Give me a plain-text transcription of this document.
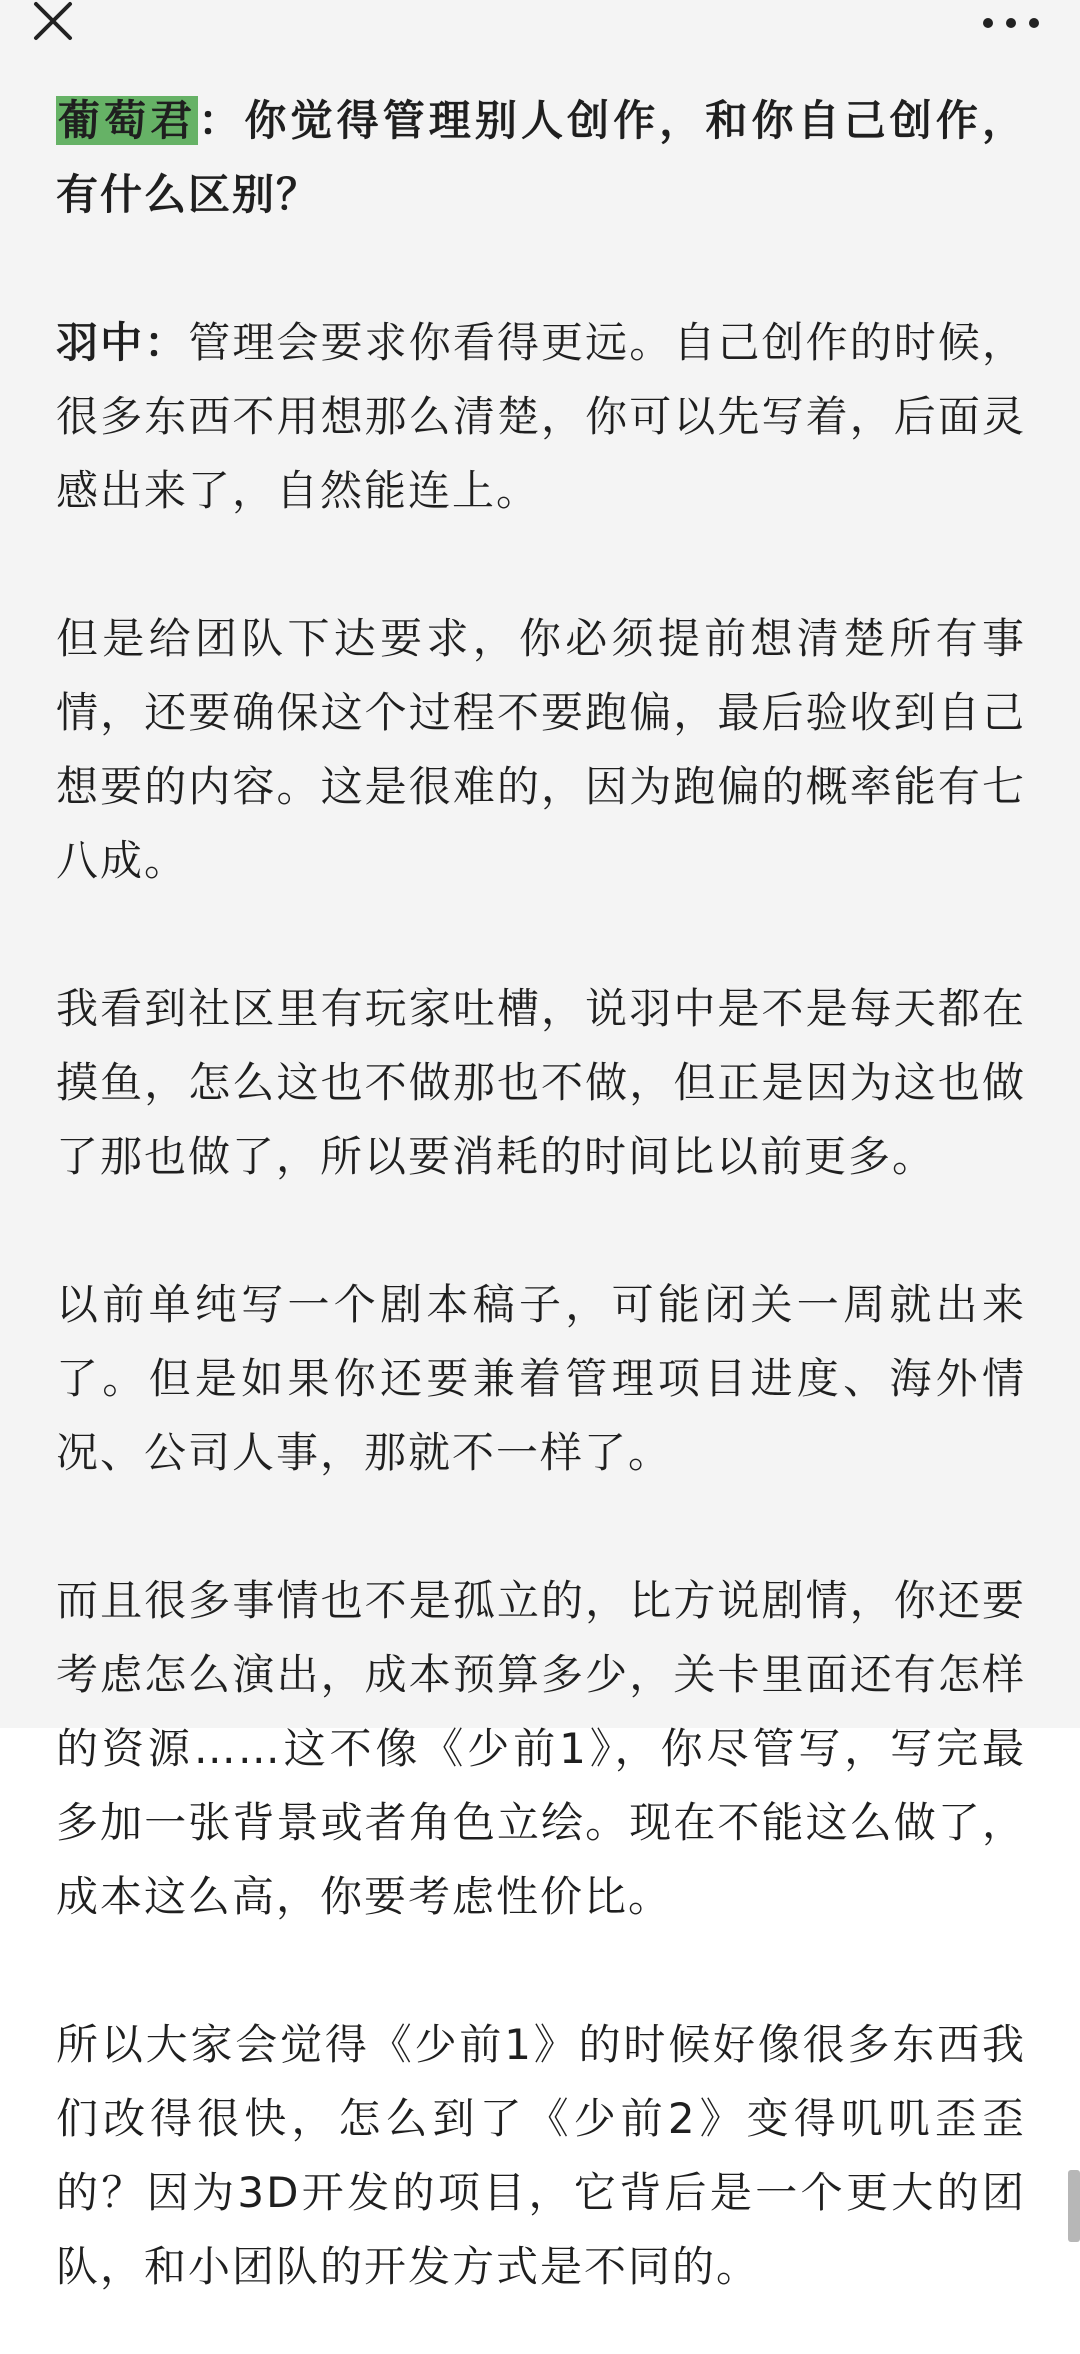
葡萄君：你觉得管理别人创作，和你自己创作，有什么区别？

羽中：管理会要求你看得更远。自己创作的时候，很多东西不用想那么清楚，你可以先写着，后面灵感出来了，自然能连上。

但是给团队下达要求，你必须提前想清楚所有事情，还要确保这个过程不要跑偏，最后验收到自己想要的内容。这是很难的，因为跑偏的概率能有七八成。

我看到社区里有玩家吐槽，说羽中是不是每天都在摸鱼，怎么这也不做那也不做，但正是因为这也做了那也做了，所以要消耗的时间比以前更多。

以前单纯写一个剧本稿子，可能闭关一周就出来了。但是如果你还要兼着管理项目进度、海外情况、公司人事，那就不一样了。

而且很多事情也不是孤立的，比方说剧情，你还要考虑怎么演出，成本预算多少，关卡里面还有怎样的资源……这不像《少前1》，你尽管写，写完最多加一张背景或者角色立绘。现在不能这么做了，成本这么高，你要考虑性价比。

所以大家会觉得《少前1》的时候好像很多东西我们改得很快，怎么到了《少前2》变得叽叽歪歪的？因为3D开发的项目，它背后是一个更大的团队，和小团队的开发方式是不同的。
